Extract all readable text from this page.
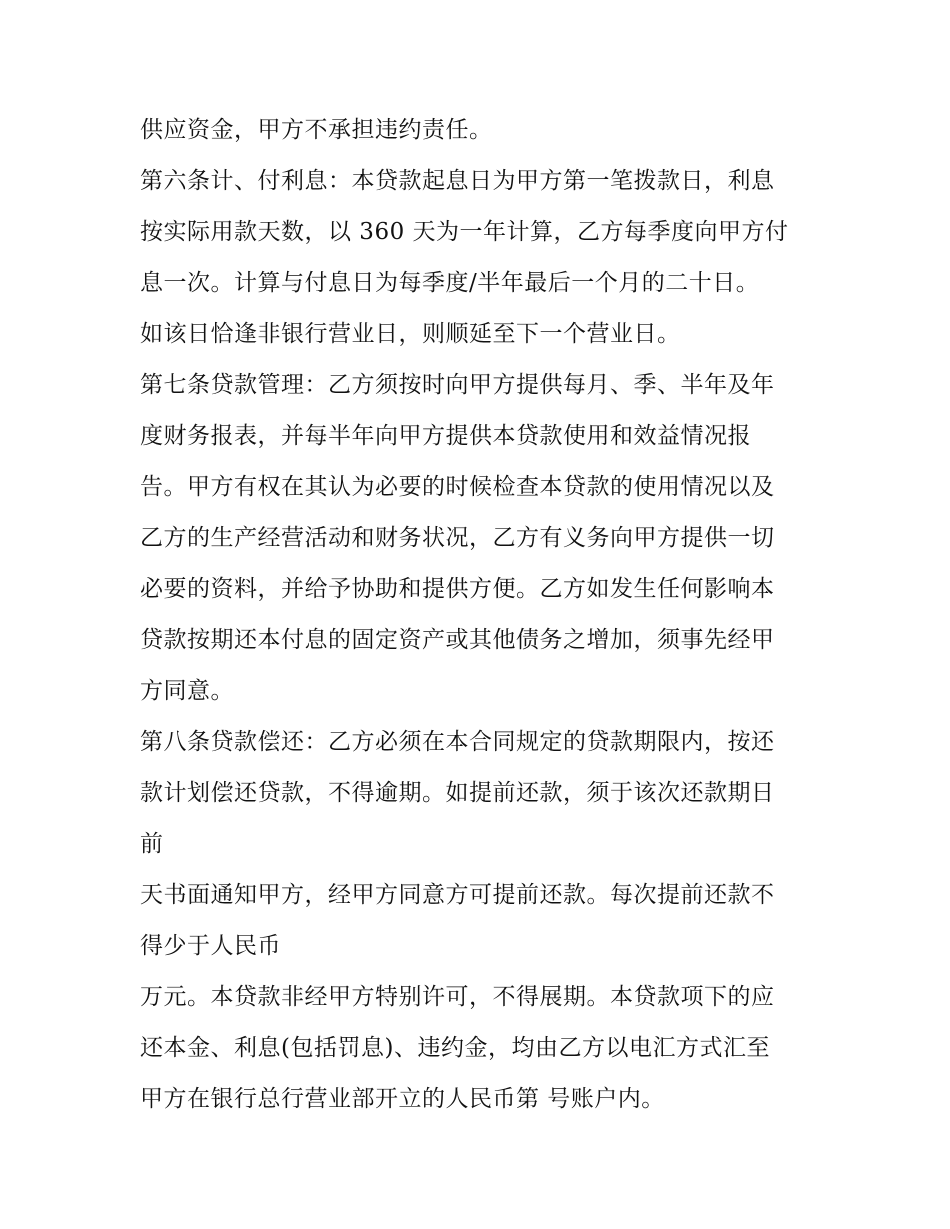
供应资金，甲方不承担违约责任。
第六条计、付利息：本贷款起息日为甲方第一笔拨款日，利息
按实际用款天数，以 360 天为一年计算，乙方每季度向甲方付
息一次。计算与付息日为每季度/半年最后一个月的二十日。
如该日恰逢非银行营业日，则顺延至下一个营业日。
第七条贷款管理：乙方须按时向甲方提供每月、季、半年及年
度财务报表，并每半年向甲方提供本贷款使用和效益情况报
告。甲方有权在其认为必要的时候检查本贷款的使用情况以及
乙方的生产经营活动和财务状况，乙方有义务向甲方提供一切
必要的资料，并给予协助和提供方便。乙方如发生任何影响本
贷款按期还本付息的固定资产或其他债务之增加，须事先经甲
方同意。
第八条贷款偿还：乙方必须在本合同规定的贷款期限内，按还
款计划偿还贷款，不得逾期。如提前还款，须于该次还款期日
前
天书面通知甲方，经甲方同意方可提前还款。每次提前还款不
得少于人民币
万元。本贷款非经甲方特别许可，不得展期。本贷款项下的应
还本金、利息(包括罚息)、违约金，均由乙方以电汇方式汇至
甲方在银行总行营业部开立的人民币第 号账户内。
